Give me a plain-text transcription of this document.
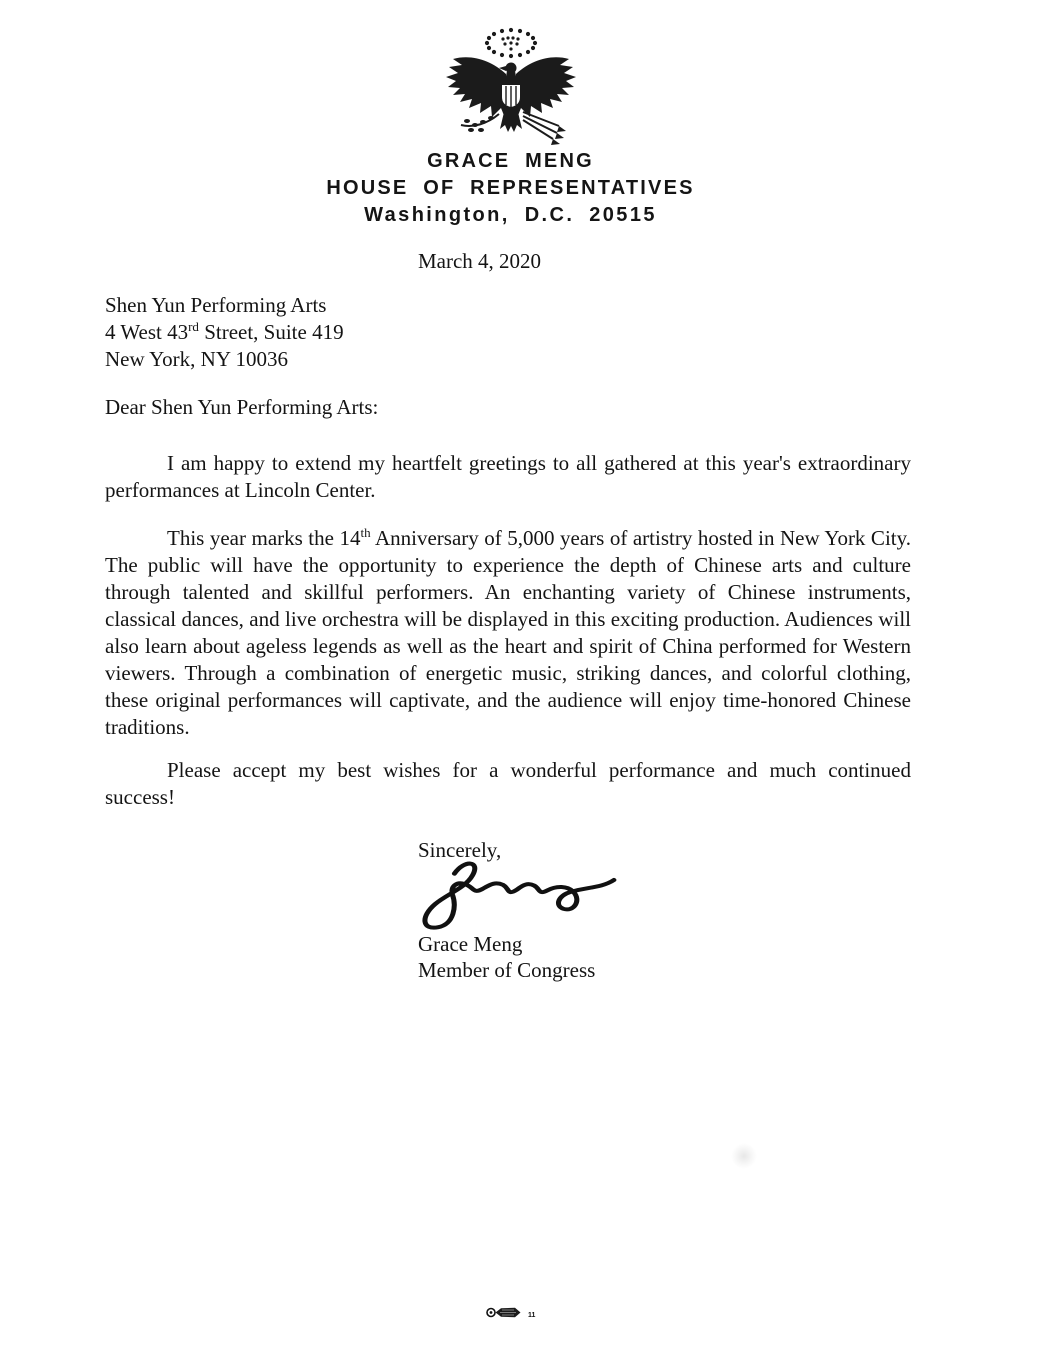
GRACE MENG
HOUSE OF REPRESENTATIVES
Washington, D.C. 20515
March 4, 2020
Shen Yun Performing Arts
4 West 43rd Street, Suite 419
New York, NY 10036
Dear Shen Yun Performing Arts:

I am happy to extend my heartfelt greetings to all gathered at this year's extraordinary performances at Lincoln Center.

This year marks the 14th Anniversary of 5,000 years of artistry hosted in New York City. The public will have the opportunity to experience the depth of Chinese arts and culture through talented and skillful performers. An enchanting variety of Chinese instruments, classical dances, and live orchestra will be displayed in this exciting production. Audiences will also learn about ageless legends as well as the heart and spirit of China performed for Western viewers. Through a combination of energetic music, striking dances, and colorful clothing, these original performances will captivate, and the audience will enjoy time-honored Chinese traditions.

Please accept my best wishes for a wonderful performance and much continued success!

Sincerely,
Grace Meng
Member of Congress
11
